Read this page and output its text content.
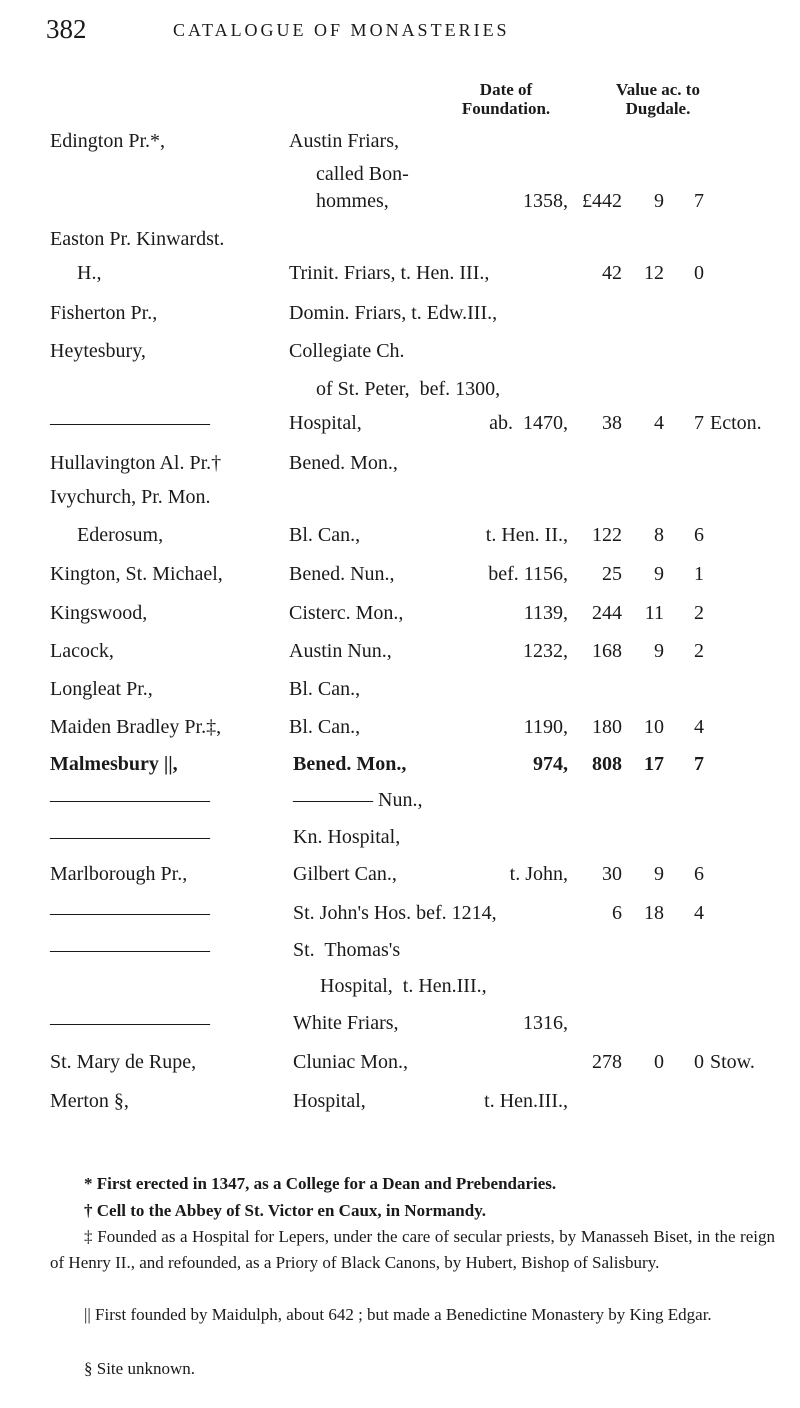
382	CATALOGUE OF MONASTERIES
Date of
Foundation.
Value ac. to
Dugdale.
Edington Pr.*,	Austin Friars,
called Bon-
hommes,	1358, £442	9	7
Easton Pr. Kinwardst.
H.,	Trinit. Friars, t. Hen. III.,	42	12	0
Fisherton Pr.,	Domin. Friars, t. Edw.III.,
Heytesbury,	Collegiate Ch.
of St. Peter,  bef. 1300,
————————	Hospital,	ab.  1470,	38	4	7 Ecton.
Hullavington Al. Pr.†	Bened. Mon.,
Ivychurch, Pr. Mon.
Ederosum,	Bl. Can.,	t. Hen. II.,	122	8	6
Kington, St. Michael,	Bened. Nun.,	bef. 1156,	25	9	1
Kingswood,	Cisterc. Mon.,	1139,	244	11	2
Lacock,	Austin Nun.,	1232,	168	9	2
Longleat Pr.,	Bl. Can.,
Maiden Bradley Pr.‡,	Bl. Can.,	1190,	180	10	4
Malmesbury ||,	Bened. Mon.,	974,	808	17	7
————————	———— Nun.,
————————	Kn. Hospital,
Marlborough Pr.,	Gilbert Can.,	t. John,	30	9	6
————————	St. John's Hos. bef. 1214,	6	18	4
————————	St.  Thomas's
Hospital,  t. Hen.III.,
————————	White Friars,	1316,
St. Mary de Rupe,	Cluniac Mon.,	278	0	0 Stow.
Merton §,	Hospital,	t. Hen.III.,
* First erected in 1347, as a College for a Dean and Prebendaries.
† Cell to the Abbey of St. Victor en Caux, in Normandy.
‡ Founded as a Hospital for Lepers, under the care of secular priests, by Manasseh Biset, in the reign of Henry II., and refounded, as a Priory of Black Canons, by Hubert, Bishop of Salisbury.
|| First founded by Maidulph, about 642 ; but made a Benedictine Monastery by King Edgar.
§ Site unknown.
